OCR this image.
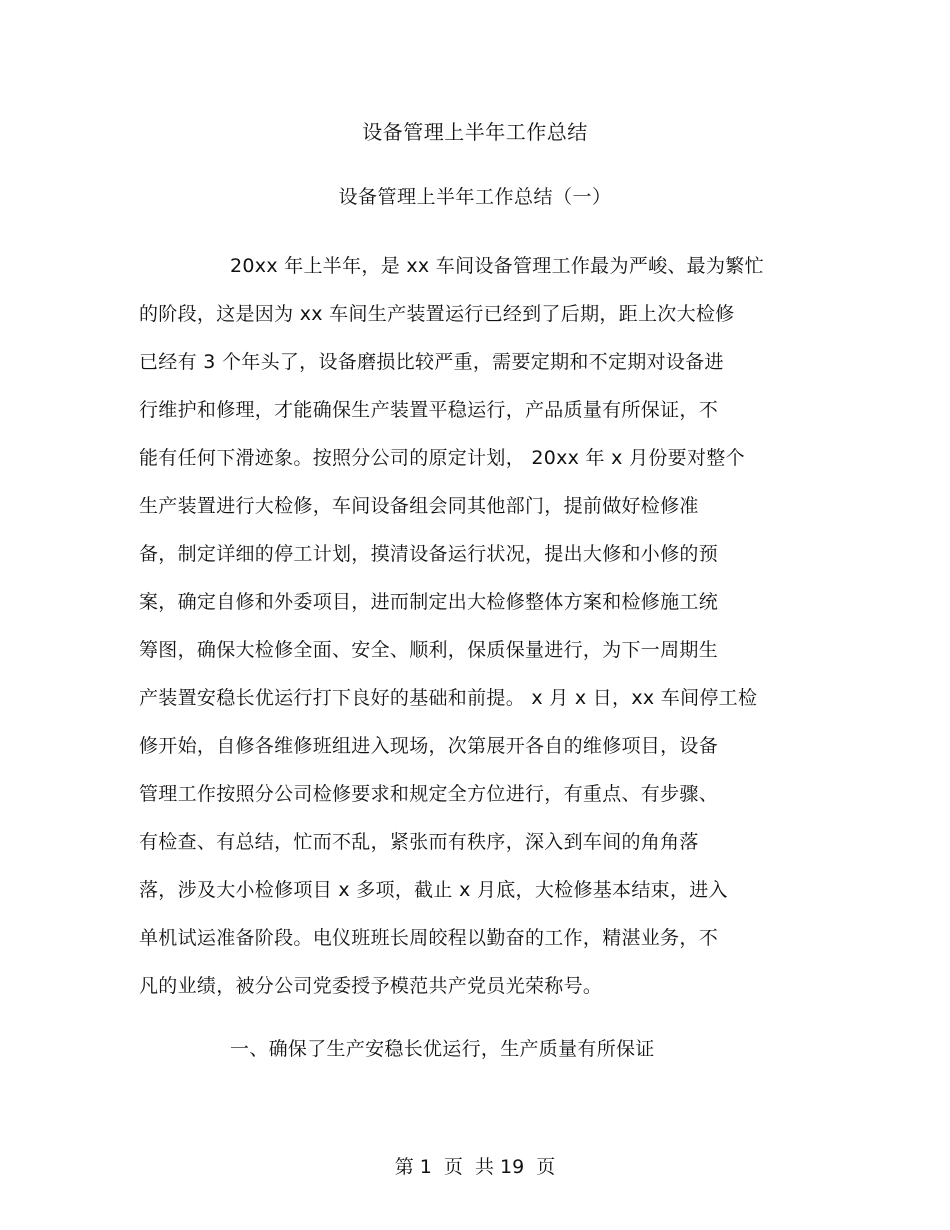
设备管理上半年工作总结
设备管理上半年工作总结（一）
20xx 年上半年，是 xx 车间设备管理工作最为严峻、最为繁忙
的阶段，这是因为 xx 车间生产装置运行已经到了后期，距上次大检修
已经有 3 个年头了，设备磨损比较严重，需要定期和不定期对设备进
行维护和修理，才能确保生产装置平稳运行，产品质量有所保证，不
能有任何下滑迹象。按照分公司的原定计划， 20xx 年 x 月份要对整个
生产装置进行大检修，车间设备组会同其他部门，提前做好检修准
备，制定详细的停工计划，摸清设备运行状况，提出大修和小修的预
案，确定自修和外委项目，进而制定出大检修整体方案和检修施工统
筹图，确保大检修全面、安全、顺利，保质保量进行，为下一周期生
产装置安稳长优运行打下良好的基础和前提。 x 月 x 日，xx 车间停工检
修开始，自修各维修班组进入现场，次第展开各自的维修项目，设备
管理工作按照分公司检修要求和规定全方位进行，有重点、有步骤、
有检查、有总结，忙而不乱，紧张而有秩序，深入到车间的角角落
落，涉及大小检修项目 x 多项，截止 x 月底，大检修基本结束，进入
单机试运准备阶段。电仪班班长周皎程以勤奋的工作，精湛业务，不
凡的业绩，被分公司党委授予模范共产党员光荣称号。
一、确保了生产安稳长优运行，生产质量有所保证
第 1  页  共 19  页
